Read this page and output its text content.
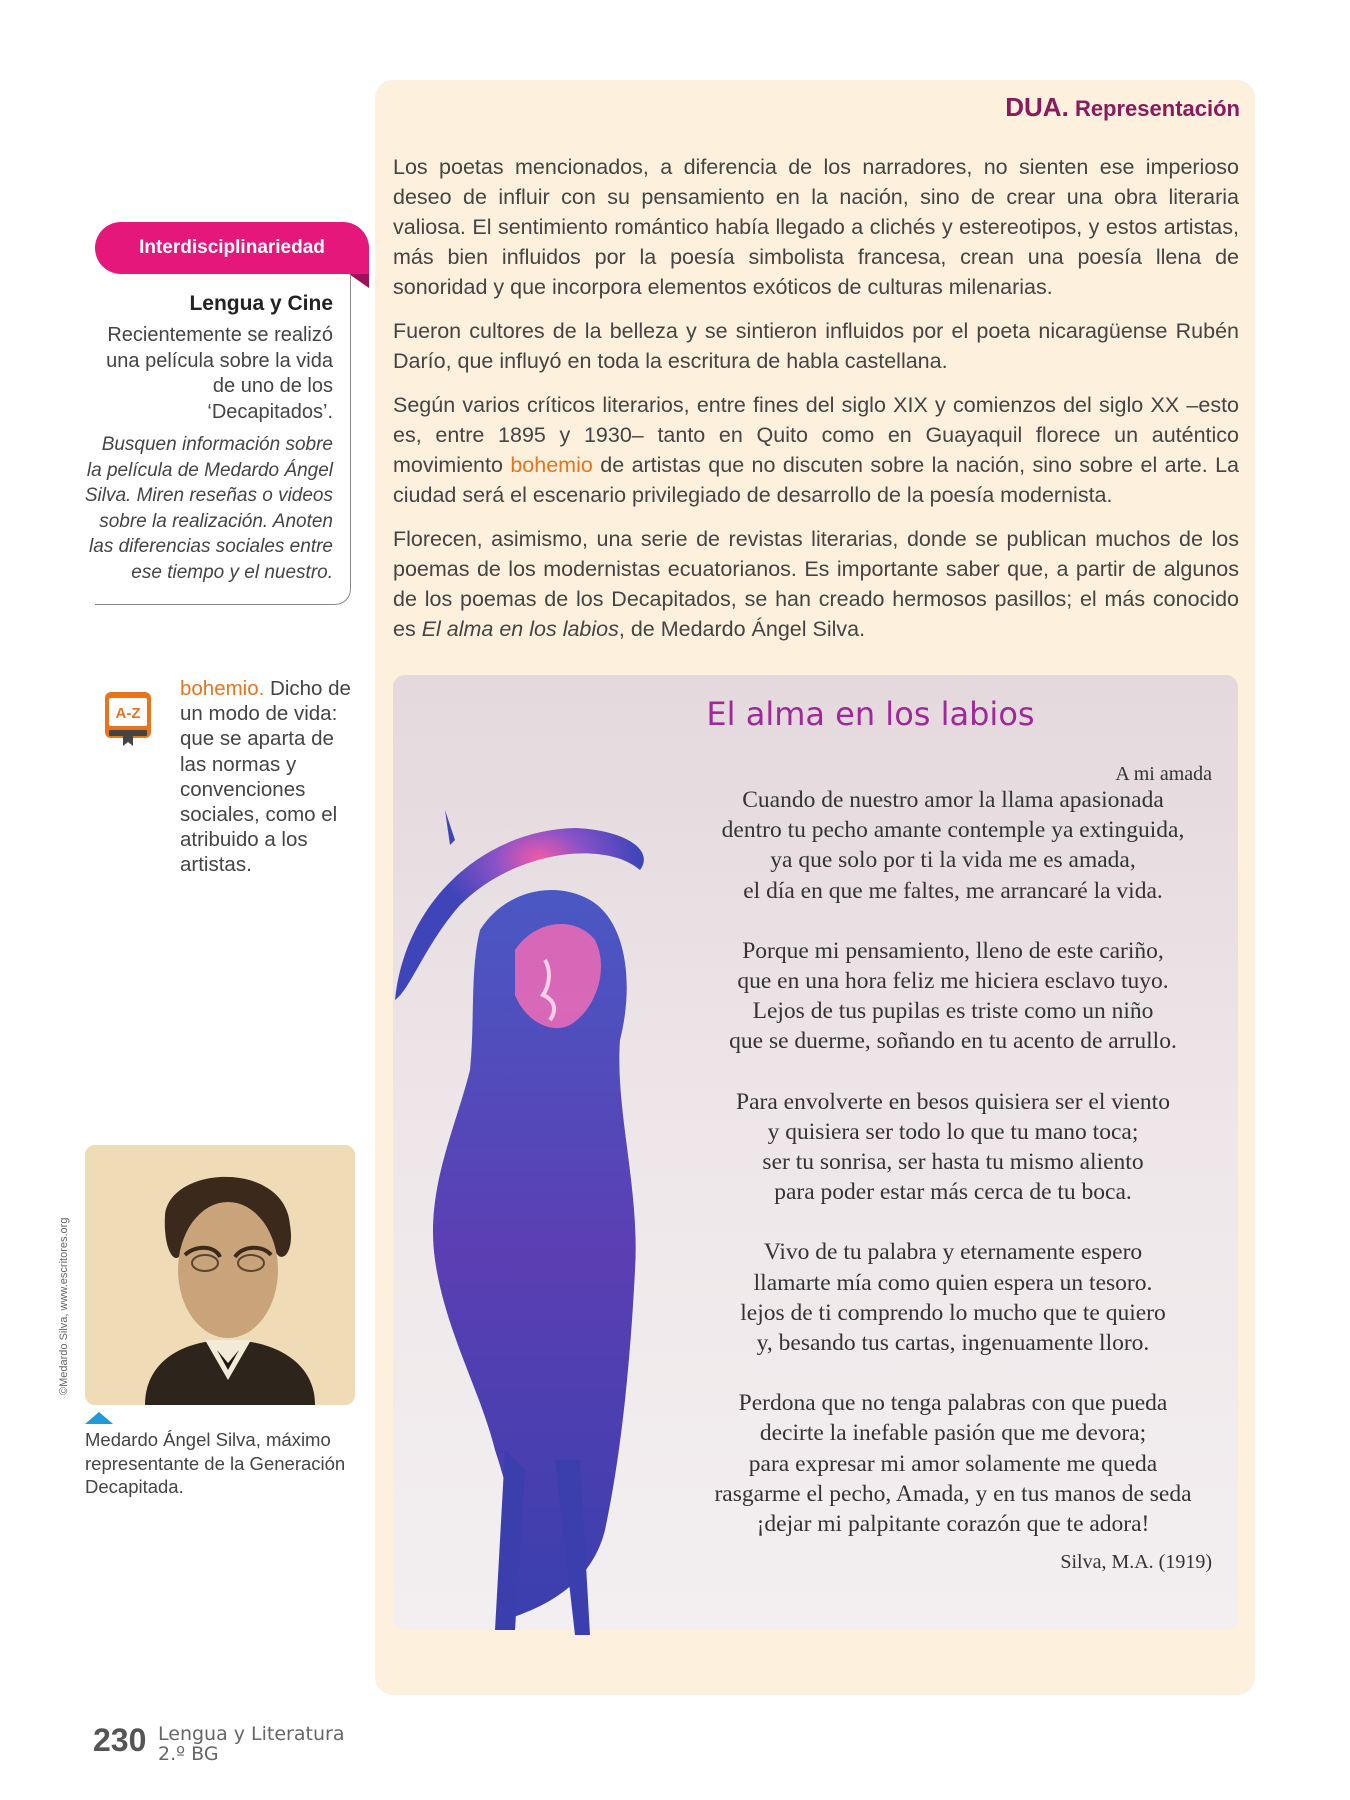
DUA. Representación

Los poetas mencionados, a diferencia de los narradores, no sienten ese imperioso deseo de influir con su pensamiento en la nación, sino de crear una obra literaria valiosa. El sentimiento romántico había llegado a clichés y estereotipos, y estos artistas, más bien influidos por la poesía simbolista francesa, crean una poesía llena de sonoridad y que incorpora elementos exóticos de culturas milenarias.

Fueron cultores de la belleza y se sintieron influidos por el poeta nicaragüense Rubén Darío, que influyó en toda la escritura de habla castellana.

Según varios críticos literarios, entre fines del siglo XIX y comienzos del siglo XX –esto es, entre 1895 y 1930– tanto en Quito como en Guayaquil florece un auténtico movimiento bohemio de artistas que no discuten sobre la nación, sino sobre el arte. La ciudad será el escenario privilegiado de desarrollo de la poesía modernista.

Florecen, asimismo, una serie de revistas literarias, donde se publican muchos de los poemas de los modernistas ecuatorianos. Es importante saber que, a partir de algunos de los poemas de los Decapitados, se han creado hermosos pasillos; el más conocido es El alma en los labios, de Medardo Ángel Silva.

El alma en los labios
A mi amada
Cuando de nuestro amor la llama apasionada
dentro tu pecho amante contemple ya extinguida,
ya que solo por ti la vida me es amada,
el día en que me faltes, me arrancaré la vida.
Porque mi pensamiento, lleno de este cariño,
que en una hora feliz me hiciera esclavo tuyo.
Lejos de tus pupilas es triste como un niño
que se duerme, soñando en tu acento de arrullo.
Para envolverte en besos quisiera ser el viento
y quisiera ser todo lo que tu mano toca;
ser tu sonrisa, ser hasta tu mismo aliento
para poder estar más cerca de tu boca.
Vivo de tu palabra y eternamente espero
llamarte mía como quien espera un tesoro.
lejos de ti comprendo lo mucho que te quiero
y, besando tus cartas, ingenuamente lloro.
Perdona que no tenga palabras con que pueda
decirte la inefable pasión que me devora;
para expresar mi amor solamente me queda
rasgarme el pecho, Amada, y en tus manos de seda
¡dejar mi palpitante corazón que te adora!
Silva, M.A. (1919)
Interdisciplinariedad
Lengua y Cine
Recientemente se realizó una película sobre la vida de uno de los ‘Decapitados’.
Busquen información sobre la película de Medardo Ángel Silva. Miren reseñas o videos sobre la realización. Anoten las diferencias sociales entre ese tiempo y el nuestro.
A-Z
bohemio. Dicho de un modo de vida: que se aparta de las normas y convenciones sociales, como el atribuido a los artistas.
©Medardo Silva, www.escritores.org
Medardo Ángel Silva, máximo representante de la Generación Decapitada.
230 Lengua y Literatura
2.º BG
